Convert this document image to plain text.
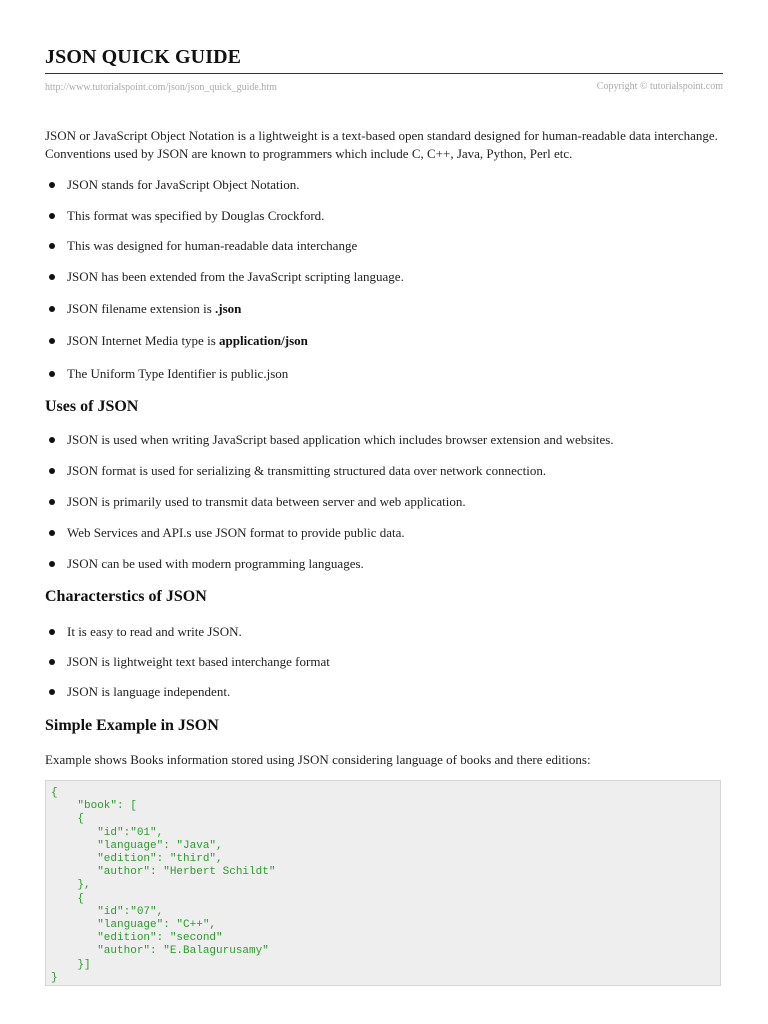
JSON QUICK GUIDE
http://www.tutorialspoint.com/json/json_quick_guide.htm	Copyright © tutorialspoint.com

JSON or JavaScript Object Notation is a lightweight is a text-based open standard designed for human-readable data interchange. Conventions used by JSON are known to programmers which include C, C++, Java, Python, Perl etc.

JSON stands for JavaScript Object Notation.
This format was specified by Douglas Crockford.
This was designed for human-readable data interchange
JSON has been extended from the JavaScript scripting language.
JSON filename extension is .json
JSON Internet Media type is application/json
The Uniform Type Identifier is public.json
Uses of JSON
JSON is used when writing JavaScript based application which includes browser extension and websites.
JSON format is used for serializing & transmitting structured data over network connection.
JSON is primarily used to transmit data between server and web application.
Web Services and API.s use JSON format to provide public data.
JSON can be used with modern programming languages.
Characterstics of JSON
It is easy to read and write JSON.
JSON is lightweight text based interchange format
JSON is language independent.
Simple Example in JSON

Example shows Books information stored using JSON considering language of books and there editions:

{
"book": [
{
"id":"01",
"language": "Java",
"edition": "third",
"author": "Herbert Schildt"
},
{
"id":"07",
"language": "C++",
"edition": "second"
"author": "E.Balagurusamy"
}]
}
